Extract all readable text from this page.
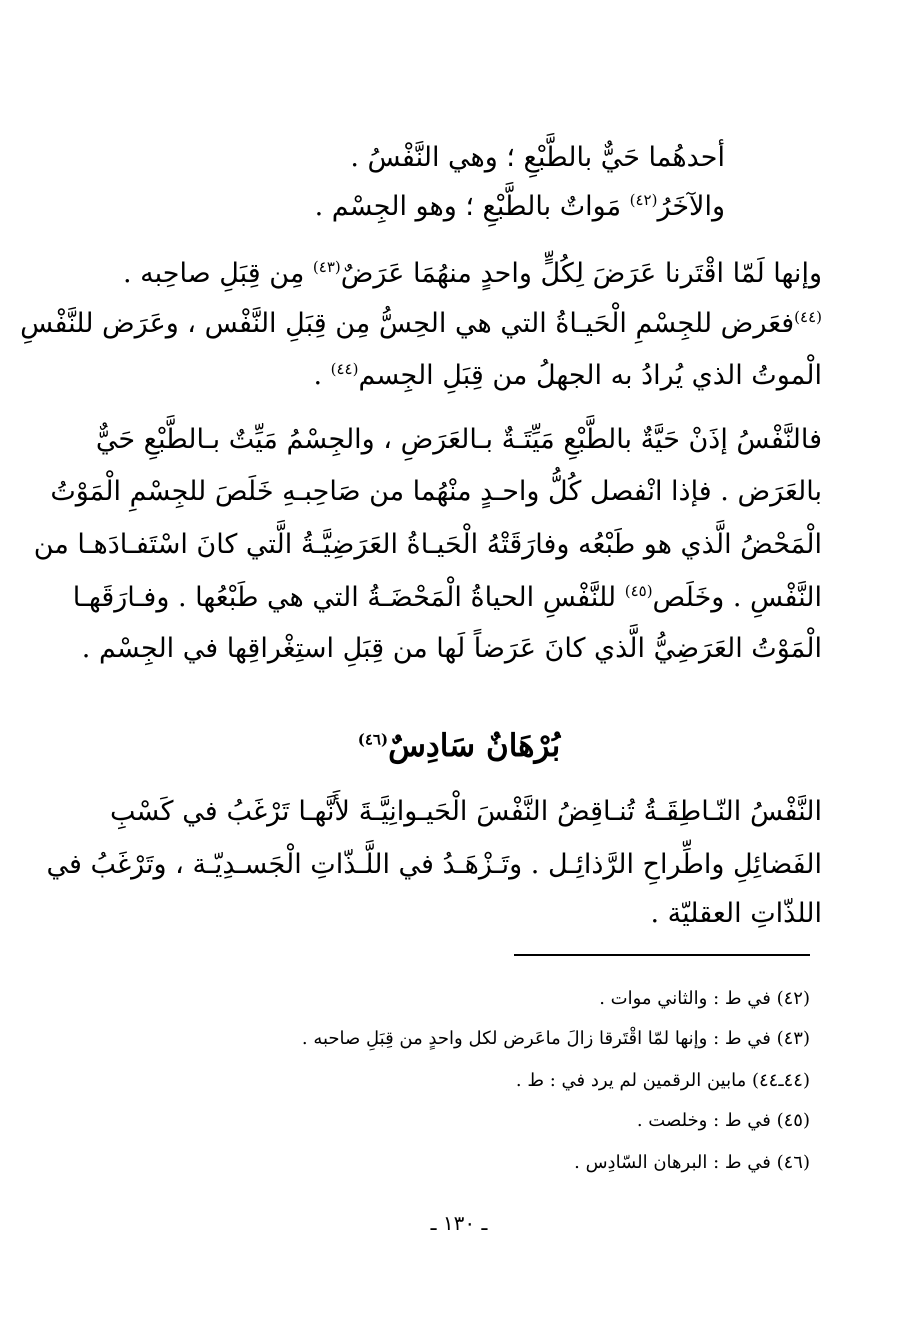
أحدهُما حَيٌّ بالطَّبْعِ ؛ وهي النَّفْسُ .
والآخَرُ$^{(٤٢)}$ مَواتٌ بالطَّبْعِ ؛ وهو الجِسْم .
وإنها لَمّا اقْتَرنا عَرَضَ لِكُلٍّ واحدٍ منهُمَا عَرَضٌ$^{(٤٣)}$ مِن قِبَلِ صاحِبه .
$^{(٤٤)}$فعَرض للجِسْمِ الْحَيـاةُ التي هي الحِسُّ مِن قِبَلِ النَّفْس ، وعَرَض للنَّفْسِ
الْموتُ الذي يُرادُ به الجهلُ من قِبَلِ الجِسم$^{(٤٤)}$ .
فالنَّفْسُ إذَنْ حَيَّةٌ بالطَّبْعِ مَيِّتَـةٌ بـالعَرَضِ ، والجِسْمُ مَيِّتٌ بـالطَّبْعِ حَيٌّ
بالعَرَض . فإذا انْفصل كُلُّ واحـدٍ منْهُما من صَاحِبـهِ خَلَصَ للجِسْمِ الْمَوْتُ
الْمَحْضُ الَّذي هو طَبْعُه وفارَقَتْهُ الْحَيـاةُ العَرَضِيَّـةُ الَّتي كانَ اسْتَفـادَهـا من
النَّفْسِ . وخَلَص$^{(٤٥)}$ للنَّفْسِ الحياةُ الْمَحْضَـةُ التي هي طَبْعُها . وفـارَقَهـا
الْمَوْتُ العَرَضِيُّ الَّذي كانَ عَرَضاً لَها من قِبَلِ استِغْراقِها في الجِسْم .
بُرْهَانٌ سَادِسٌ$^{(٤٦)}$
النَّفْسُ النّـاطِقَـةُ تُنـاقِضُ النَّفْسَ الْحَيـوانِيَّـةَ لأَنَّهـا تَرْغَبُ في كَسْبِ
الفَضائِلِ واطِّراحِ الرَّذائِـل . وتَـزْهَـدُ في اللَّـذّاتِ الْجَسـدِيّـة ، وتَرْغَبُ في
اللذّاتِ العقليّة .
(٤٢) في ط : والثاني موات .
(٤٣) في ط : وإنها لمّا اقْتَرقا زالَ ماعَرض لكل واحدٍ من قِبَلِ صاحبه .
(٤٤ـ٤٤) مابين الرقمين لم يرد في : ط .
(٤٥) في ط : وخلصت .
(٤٦) في ط : البرهان السّادِس .
ـ ١٣٠ ـ
